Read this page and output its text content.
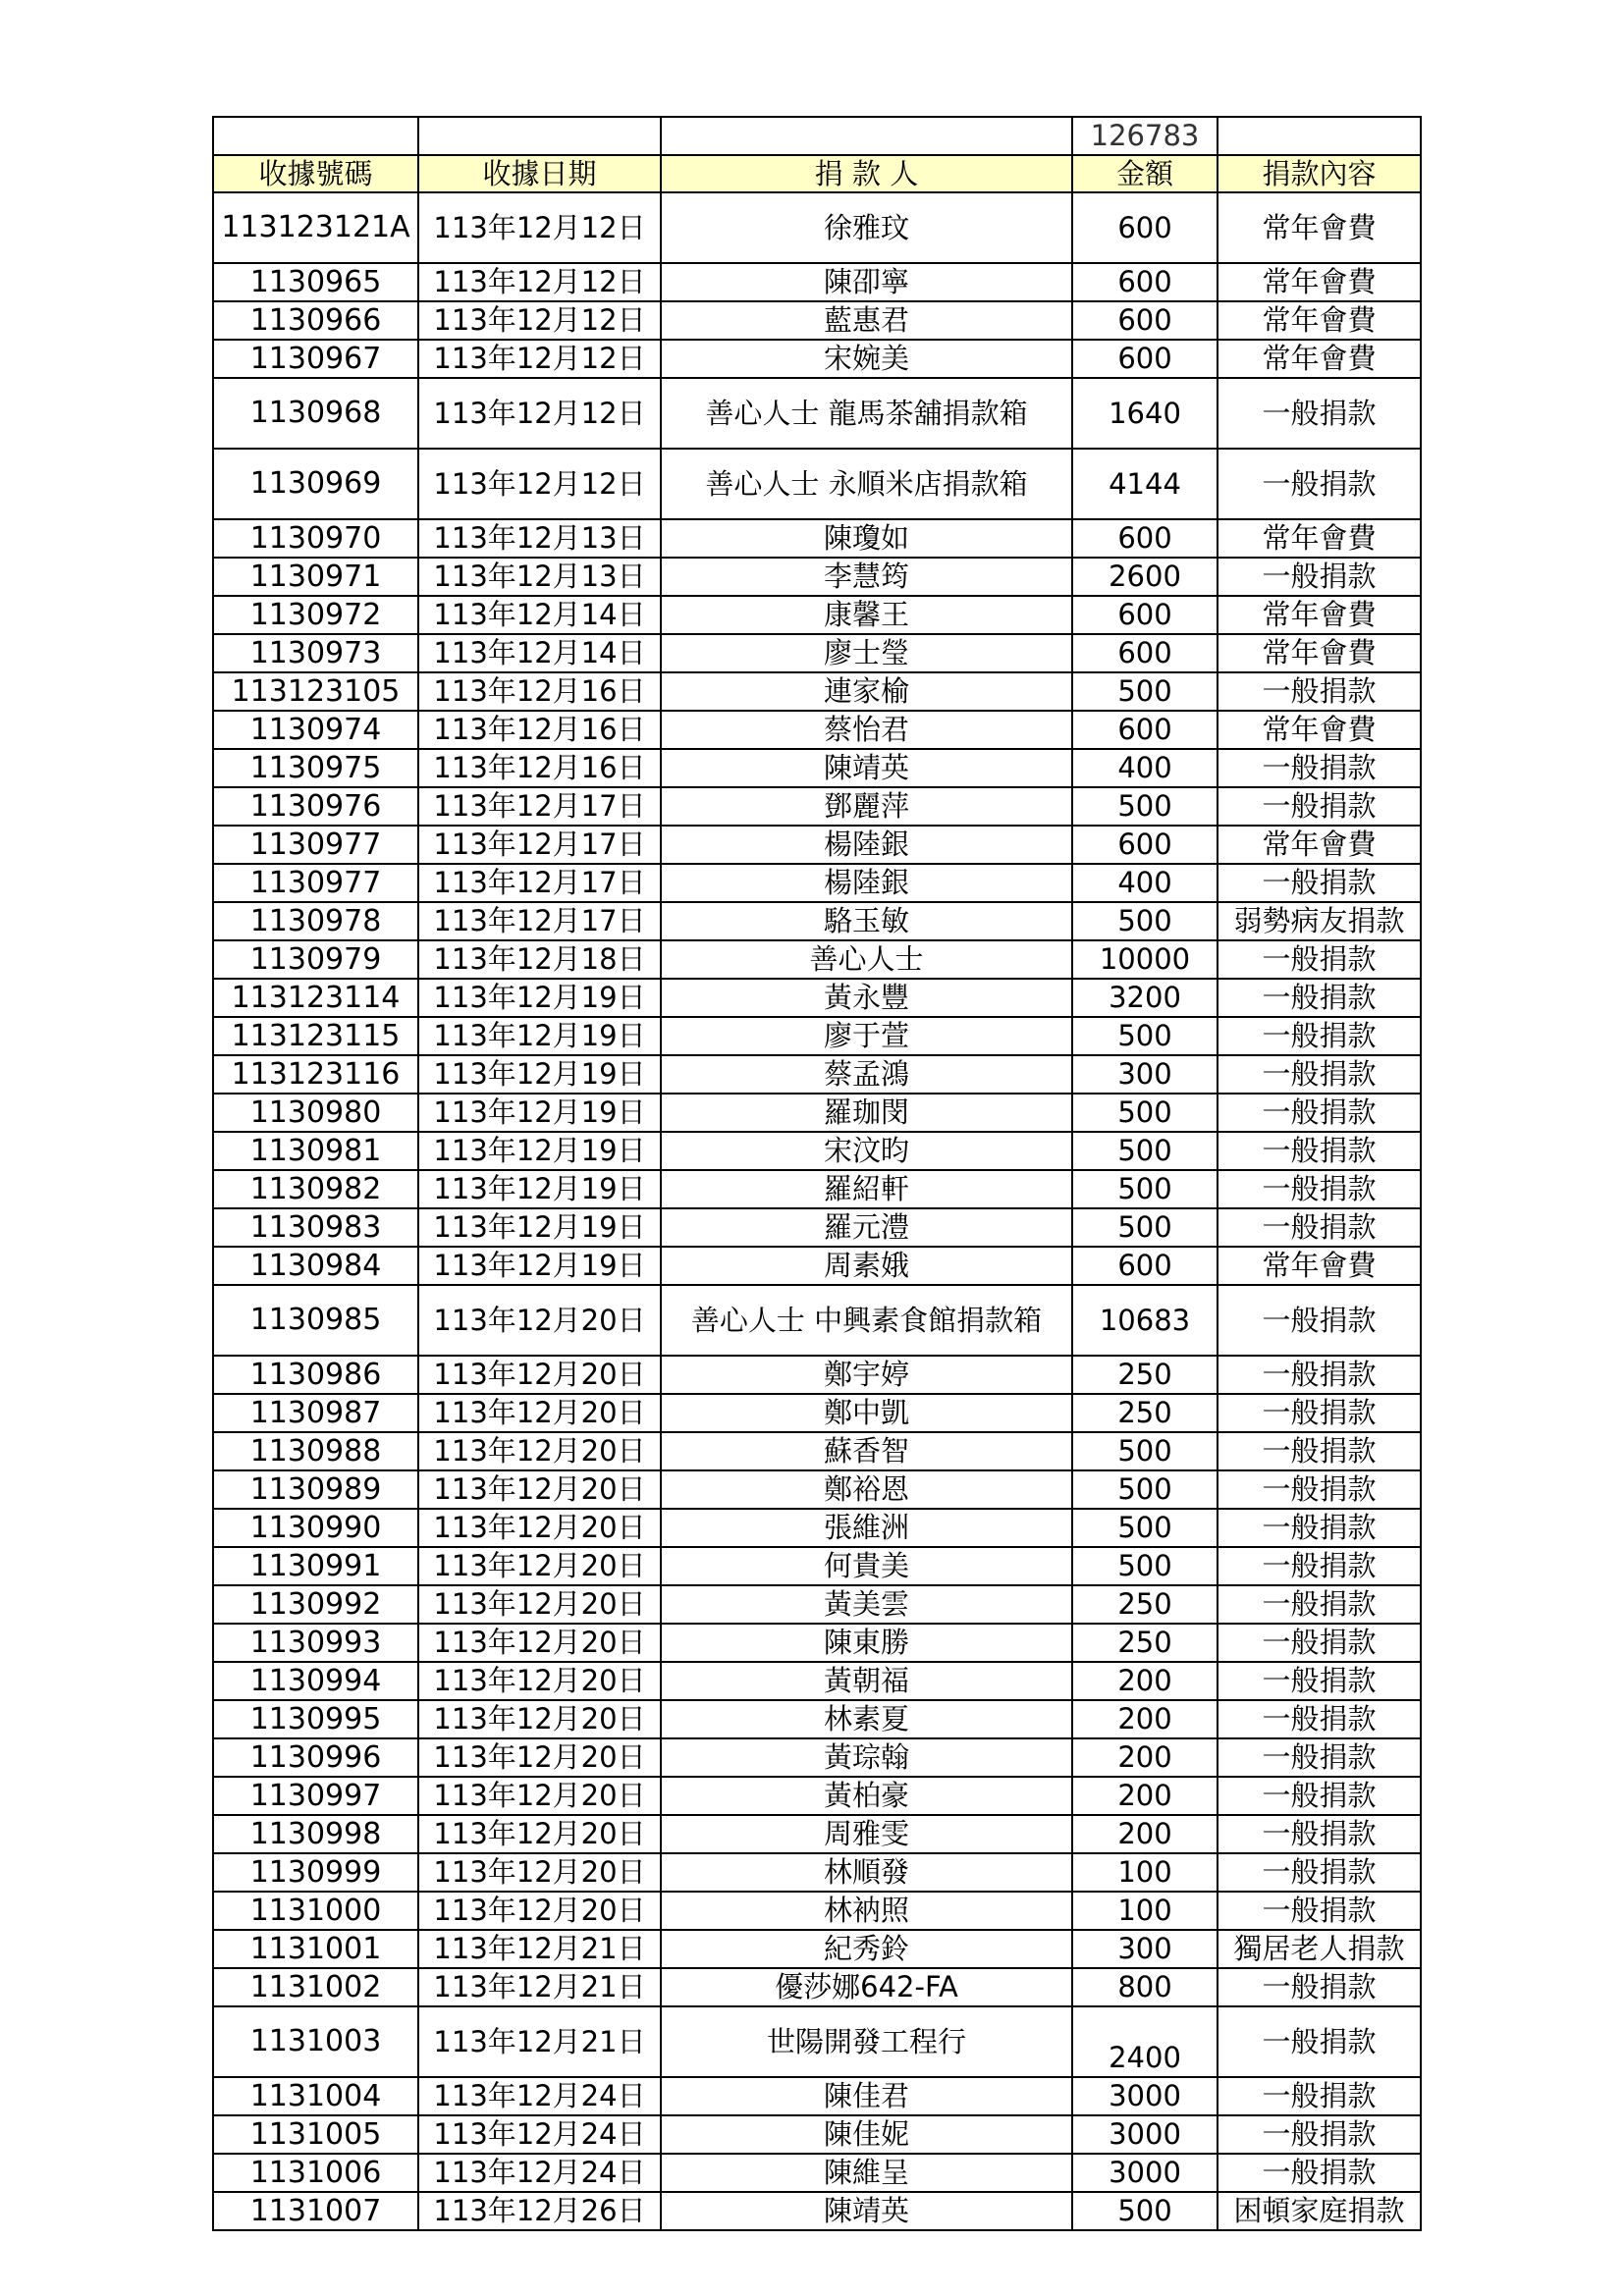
			126783	
收據號碼	收據日期	捐 款 人	金額	捐款內容
113123121A	113年12月12日	徐雅玟	600	常年會費
1130965	113年12月12日	陳卲寧	600	常年會費
1130966	113年12月12日	藍惠君	600	常年會費
1130967	113年12月12日	宋婉美	600	常年會費
1130968	113年12月12日	善心人士 龍馬茶舖捐款箱	1640	一般捐款
1130969	113年12月12日	善心人士 永順米店捐款箱	4144	一般捐款
1130970	113年12月13日	陳瓊如	600	常年會費
1130971	113年12月13日	李慧筠	2600	一般捐款
1130972	113年12月14日	康馨王	600	常年會費
1130973	113年12月14日	廖士瑩	600	常年會費
113123105	113年12月16日	連家榆	500	一般捐款
1130974	113年12月16日	蔡怡君	600	常年會費
1130975	113年12月16日	陳靖英	400	一般捐款
1130976	113年12月17日	鄧麗萍	500	一般捐款
1130977	113年12月17日	楊陸銀	600	常年會費
1130977	113年12月17日	楊陸銀	400	一般捐款
1130978	113年12月17日	駱玉敏	500	弱勢病友捐款
1130979	113年12月18日	善心人士	10000	一般捐款
113123114	113年12月19日	黃永豐	3200	一般捐款
113123115	113年12月19日	廖于萱	500	一般捐款
113123116	113年12月19日	蔡孟鴻	300	一般捐款
1130980	113年12月19日	羅珈閔	500	一般捐款
1130981	113年12月19日	宋汶昀	500	一般捐款
1130982	113年12月19日	羅紹軒	500	一般捐款
1130983	113年12月19日	羅元澧	500	一般捐款
1130984	113年12月19日	周素娥	600	常年會費
1130985	113年12月20日	善心人士 中興素食館捐款箱	10683	一般捐款
1130986	113年12月20日	鄭宇婷	250	一般捐款
1130987	113年12月20日	鄭中凱	250	一般捐款
1130988	113年12月20日	蘇香智	500	一般捐款
1130989	113年12月20日	鄭裕恩	500	一般捐款
1130990	113年12月20日	張維洲	500	一般捐款
1130991	113年12月20日	何貴美	500	一般捐款
1130992	113年12月20日	黃美雲	250	一般捐款
1130993	113年12月20日	陳東勝	250	一般捐款
1130994	113年12月20日	黃朝福	200	一般捐款
1130995	113年12月20日	林素夏	200	一般捐款
1130996	113年12月20日	黃琮翰	200	一般捐款
1130997	113年12月20日	黃柏豪	200	一般捐款
1130998	113年12月20日	周雅雯	200	一般捐款
1130999	113年12月20日	林順發	100	一般捐款
1131000	113年12月20日	林衲照	100	一般捐款
1131001	113年12月21日	紀秀鈴	300	獨居老人捐款
1131002	113年12月21日	優莎娜642-FA	800	一般捐款
1131003	113年12月21日	世陽開發工程行	2400	一般捐款
1131004	113年12月24日	陳佳君	3000	一般捐款
1131005	113年12月24日	陳佳妮	3000	一般捐款
1131006	113年12月24日	陳維呈	3000	一般捐款
1131007	113年12月26日	陳靖英	500	困頓家庭捐款
